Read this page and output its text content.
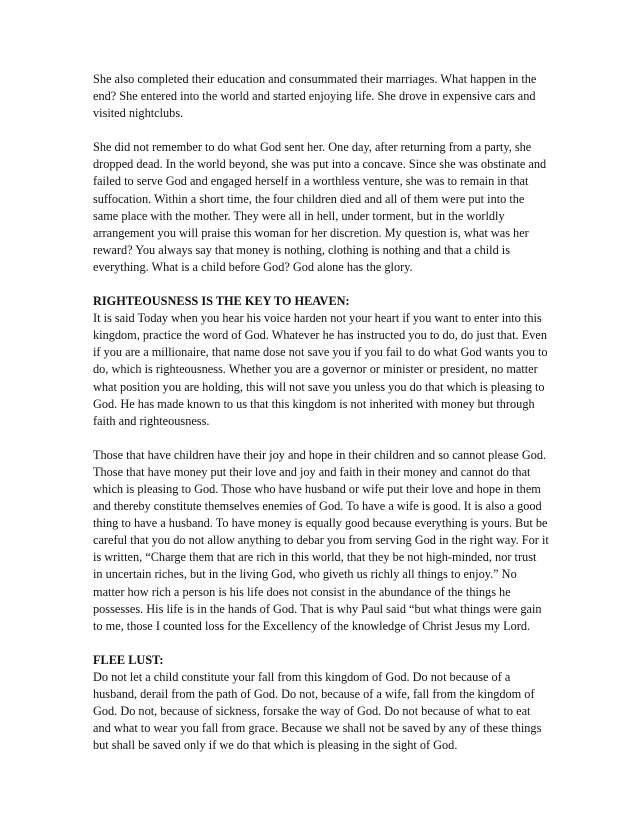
She also completed their education and consummated their marriages. What happen in the end? She entered into the world and started enjoying life. She drove in expensive cars and visited nightclubs.

She did not remember to do what God sent her. One day, after returning from a party, she dropped dead. In the world beyond, she was put into a concave. Since she was obstinate and failed to serve God and engaged herself in a worthless venture, she was to remain in that suffocation. Within a short time, the four children died and all of them were put into the same place with the mother. They were all in hell, under torment, but in the worldly arrangement you will praise this woman for her discretion. My question is, what was her reward? You always say that money is nothing, clothing is nothing and that a child is everything. What is a child before God? God alone has the glory.

RIGHTEOUSNESS IS THE KEY TO HEAVEN:

It is said Today when you hear his voice harden not your heart if you want to enter into this kingdom, practice the word of God. Whatever he has instructed you to do, do just that. Even if you are a millionaire, that name dose not save you if you fail to do what God wants you to do, which is righteousness. Whether you are a governor or minister or president, no matter what position you are holding, this will not save you unless you do that which is pleasing to God. He has made known to us that this kingdom is not inherited with money but through faith and righteousness.

Those that have children have their joy and hope in their children and so cannot please God. Those that have money put their love and joy and faith in their money and cannot do that which is pleasing to God. Those who have husband or wife put their love and hope in them and thereby constitute themselves enemies of God. To have a wife is good. It is also a good thing to have a husband. To have money is equally good because everything is yours. But be careful that you do not allow anything to debar you from serving God in the right way. For it is written, “Charge them that are rich in this world, that they be not high-minded, nor trust in uncertain riches, but in the living God, who giveth us richly all things to enjoy.” No matter how rich a person is his life does not consist in the abundance of the things he possesses. His life is in the hands of God. That is why Paul said “but what things were gain to me, those I counted loss for the Excellency of the knowledge of Christ Jesus my Lord.

FLEE LUST:

Do not let a child constitute your fall from this kingdom of God. Do not because of a husband, derail from the path of God. Do not, because of a wife, fall from the kingdom of God. Do not, because of sickness, forsake the way of God. Do not because of what to eat and what to wear you fall from grace. Because we shall not be saved by any of these things but shall be saved only if we do that which is pleasing in the sight of God.
